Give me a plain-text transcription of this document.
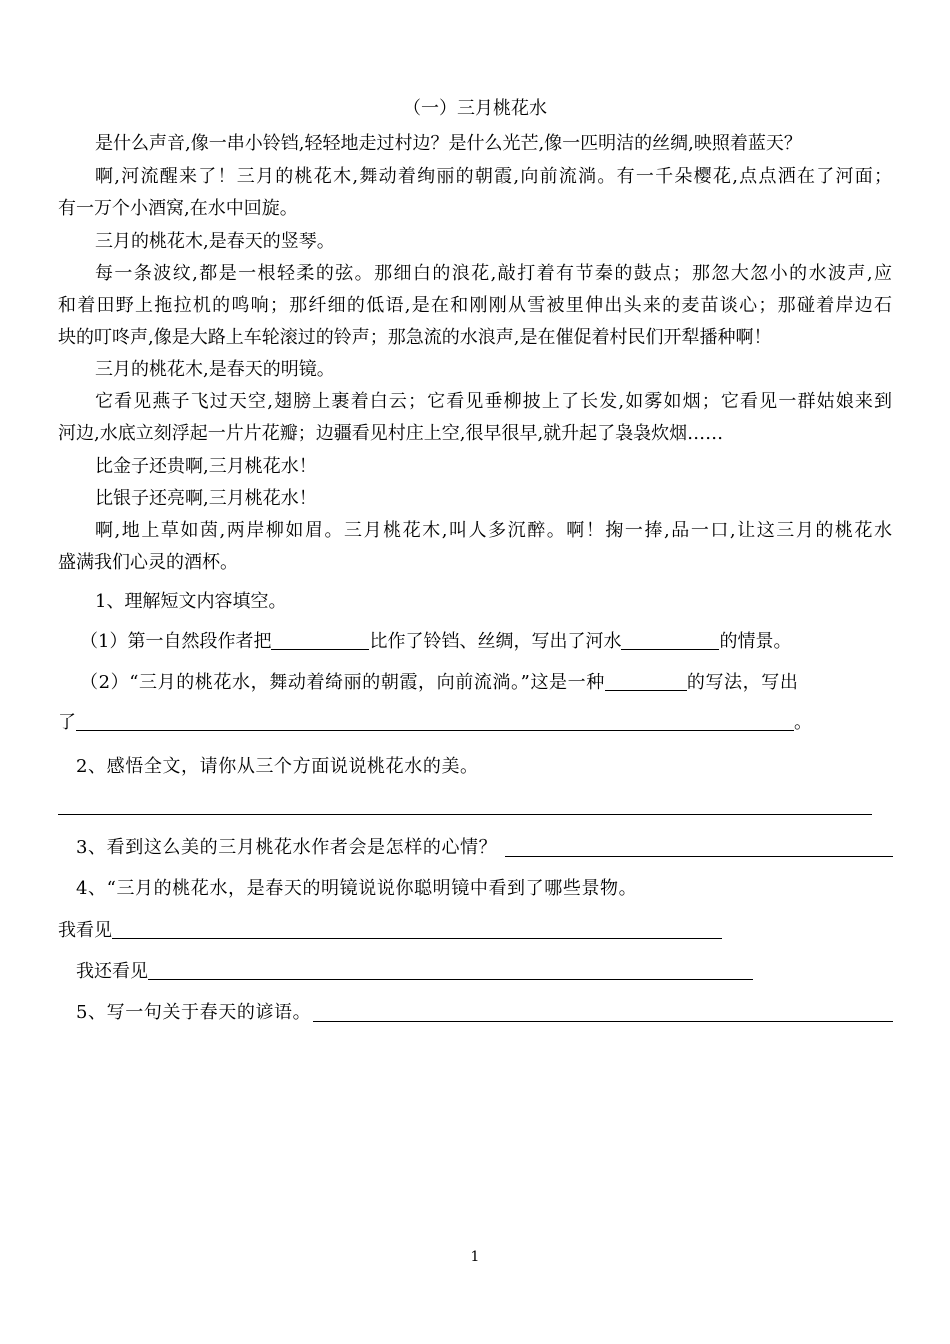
（一）三月桃花水
是什么声音,像一串小铃铛,轻轻地走过村边？是什么光芒,像一匹明洁的丝绸,映照着蓝天？
啊,河流醒来了！三月的桃花木,舞动着绚丽的朝霞,向前流淌。有一千朵樱花,点点洒在了河面；
有一万个小酒窝,在水中回旋。
三月的桃花木,是春天的竖琴。
每一条波纹,都是一根轻柔的弦。那细白的浪花,敲打着有节秦的鼓点；那忽大忽小的水波声,应
和着田野上拖拉机的鸣响；那纤细的低语,是在和刚刚从雪被里伸出头来的麦苗谈心；那碰着岸边石
块的叮咚声,像是大路上车轮滚过的铃声；那急流的水浪声,是在催促着村民们开犁播种啊！
三月的桃花木,是春天的明镜。
它看见燕子飞过天空,翅膀上裹着白云；它看见垂柳披上了长发,如雾如烟；它看见一群姑娘来到
河边,水底立刻浮起一片片花瓣；边疆看见村庄上空,很早很早,就升起了袅袅炊烟……
比金子还贵啊,三月桃花水！
比银子还亮啊,三月桃花水！
啊,地上草如茵,两岸柳如眉。三月桃花木,叫人多沉醉。啊！掬一捧,品一口,让这三月的桃花水
盛满我们心灵的酒杯。
1、理解短文内容填空。
（1）第一自然段作者把	比作了铃铛、丝绸，写出了河水	的情景。
（2）“三月的桃花水，舞动着绮丽的朝霞，向前流淌。”这是一种	的写法，写出
了	。
2、感悟全文，请你从三个方面说说桃花水的美。
3、看到这么美的三月桃花水作者会是怎样的心情？
4、“三月的桃花水，是春天的明镜说说你聪明镜中看到了哪些景物。
我看见
我还看见
5、写一句关于春天的谚语。
1
